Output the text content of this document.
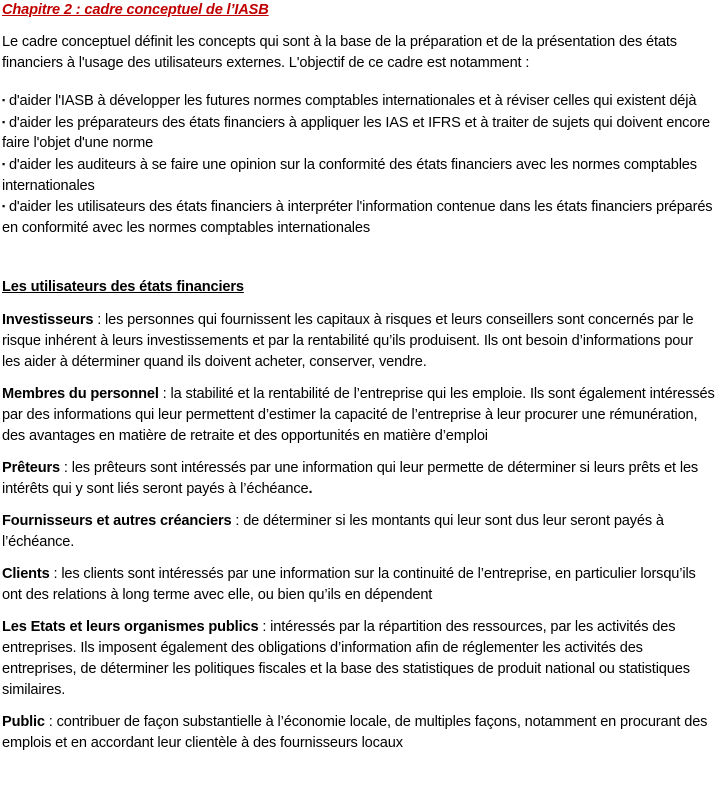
Chapitre 2 : cadre conceptuel de l’IASB

Le cadre conceptuel définit les concepts qui sont à la base de la préparation et de la présentation des états financiers à l'usage des utilisateurs externes. L'objectif de ce cadre est notamment :

▪ d'aider l'IASB à développer les futures normes comptables internationales et à réviser celles qui existent déjà
▪ d'aider les préparateurs des états financiers à appliquer les IAS et IFRS et à traiter de sujets qui doivent encore faire l'objet d'une norme
▪ d'aider les auditeurs à se faire une opinion sur la conformité des états financiers avec les normes comptables internationales
▪ d'aider les utilisateurs des états financiers à interpréter l'information contenue dans les états financiers préparés en conformité avec les normes comptables internationales

Les utilisateurs des états financiers

Investisseurs : les personnes qui fournissent les capitaux à risques et leurs conseillers sont concernés par le risque inhérent à leurs investissements et par la rentabilité qu’ils produisent. Ils ont besoin d’informations pour les aider à déterminer quand ils doivent acheter, conserver, vendre.

Membres du personnel : la stabilité et la rentabilité de l’entreprise qui les emploie. Ils sont également intéressés par des informations qui leur permettent d’estimer la capacité de l’entreprise à leur procurer une rémunération, des avantages en matière de retraite et des opportunités en matière d’emploi

Prêteurs : les prêteurs sont intéressés par une information qui leur permette de déterminer si leurs prêts et les intérêts qui y sont liés seront payés à l’échéance.

Fournisseurs et autres créanciers : de déterminer si les montants qui leur sont dus leur seront payés à l’échéance.

Clients : les clients sont intéressés par une information sur la continuité de l’entreprise, en particulier lorsqu’ils ont des relations à long terme avec elle, ou bien qu’ils en dépendent

Les Etats et leurs organismes publics : intéressés par la répartition des ressources, par les activités des entreprises. Ils imposent également des obligations d’information afin de réglementer les activités des entreprises, de déterminer les politiques fiscales et la base des statistiques de produit national ou statistiques similaires.

Public : contribuer de façon substantielle à l’économie locale, de multiples façons, notamment en procurant des emplois et en accordant leur clientèle à des fournisseurs locaux
